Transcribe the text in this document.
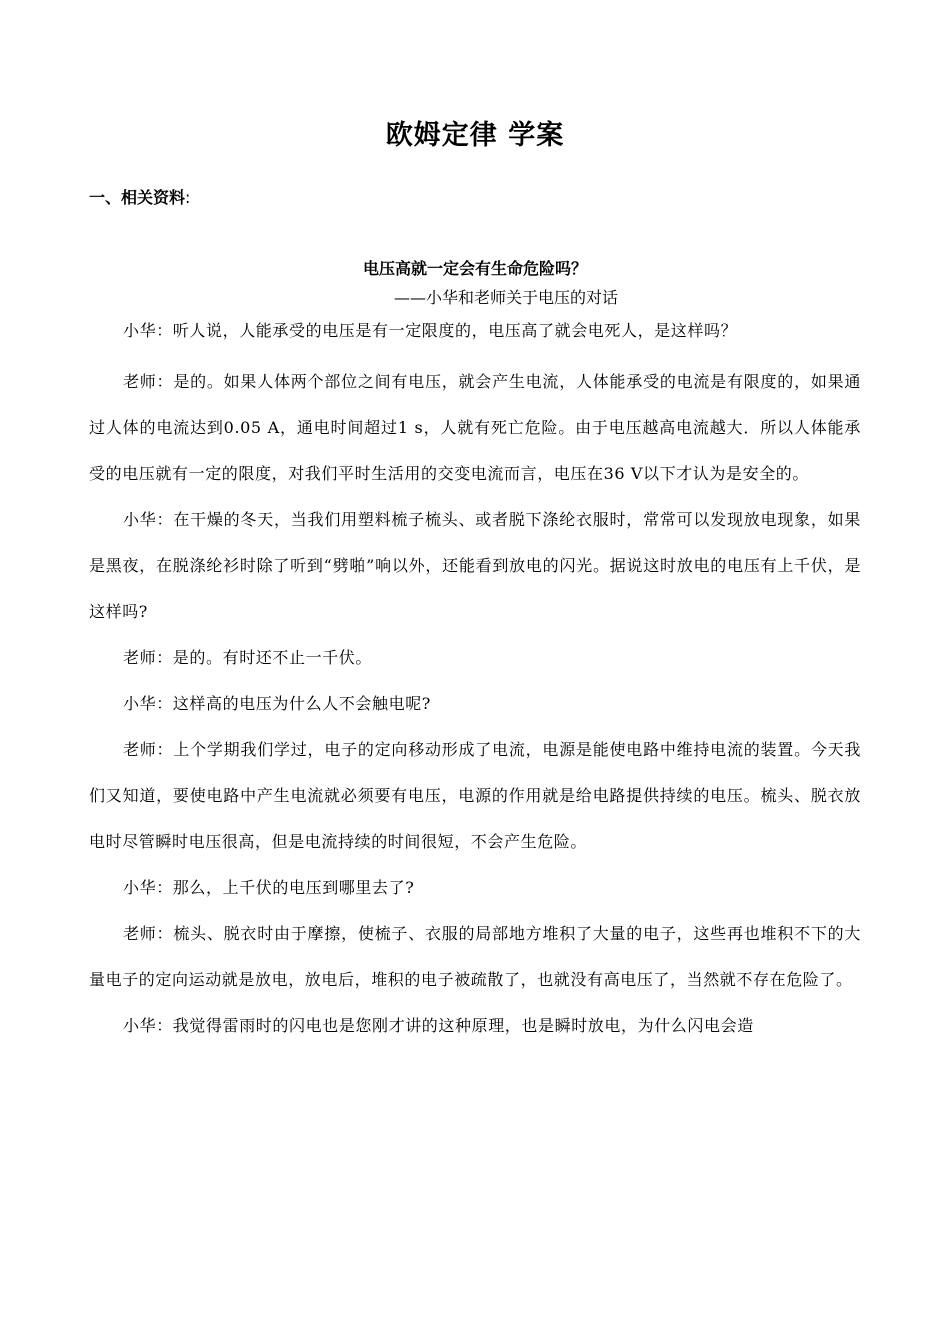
欧姆定律 学案
一、相关资料:
电压高就一定会有生命危险吗？
——小华和老师关于电压的对话

小华：听人说，人能承受的电压是有一定限度的，电压高了就会电死人，是这样吗？

老师：是的。如果人体两个部位之间有电压，就会产生电流，人体能承受的电流是有限度的，如果通过人体的电流达到0.05 A，通电时间超过1 s，人就有死亡危险。由于电压越高电流越大．所以人体能承受的电压就有一定的限度，对我们平时生活用的交变电流而言，电压在36 V以下才认为是安全的。

小华：在干燥的冬天，当我们用塑料梳子梳头、或者脱下涤纶衣服时，常常可以发现放电现象，如果是黑夜，在脱涤纶衫时除了听到“劈啪”响以外，还能看到放电的闪光。据说这时放电的电压有上千伏，是这样吗?

老师：是的。有时还不止一千伏。

小华：这样高的电压为什么人不会触电呢?

老师：上个学期我们学过，电子的定向移动形成了电流，电源是能使电路中维持电流的装置。今天我们又知道，要使电路中产生电流就必须要有电压，电源的作用就是给电路提供持续的电压。梳头、脱衣放电时尽管瞬时电压很高，但是电流持续的时间很短，不会产生危险。

小华：那么，上千伏的电压到哪里去了?

老师：梳头、脱衣时由于摩擦，使梳子、衣服的局部地方堆积了大量的电子，这些再也堆积不下的大量电子的定向运动就是放电，放电后，堆积的电子被疏散了，也就没有高电压了，当然就不存在危险了。

小华：我觉得雷雨时的闪电也是您刚才讲的这种原理，也是瞬时放电，为什么闪电会造
